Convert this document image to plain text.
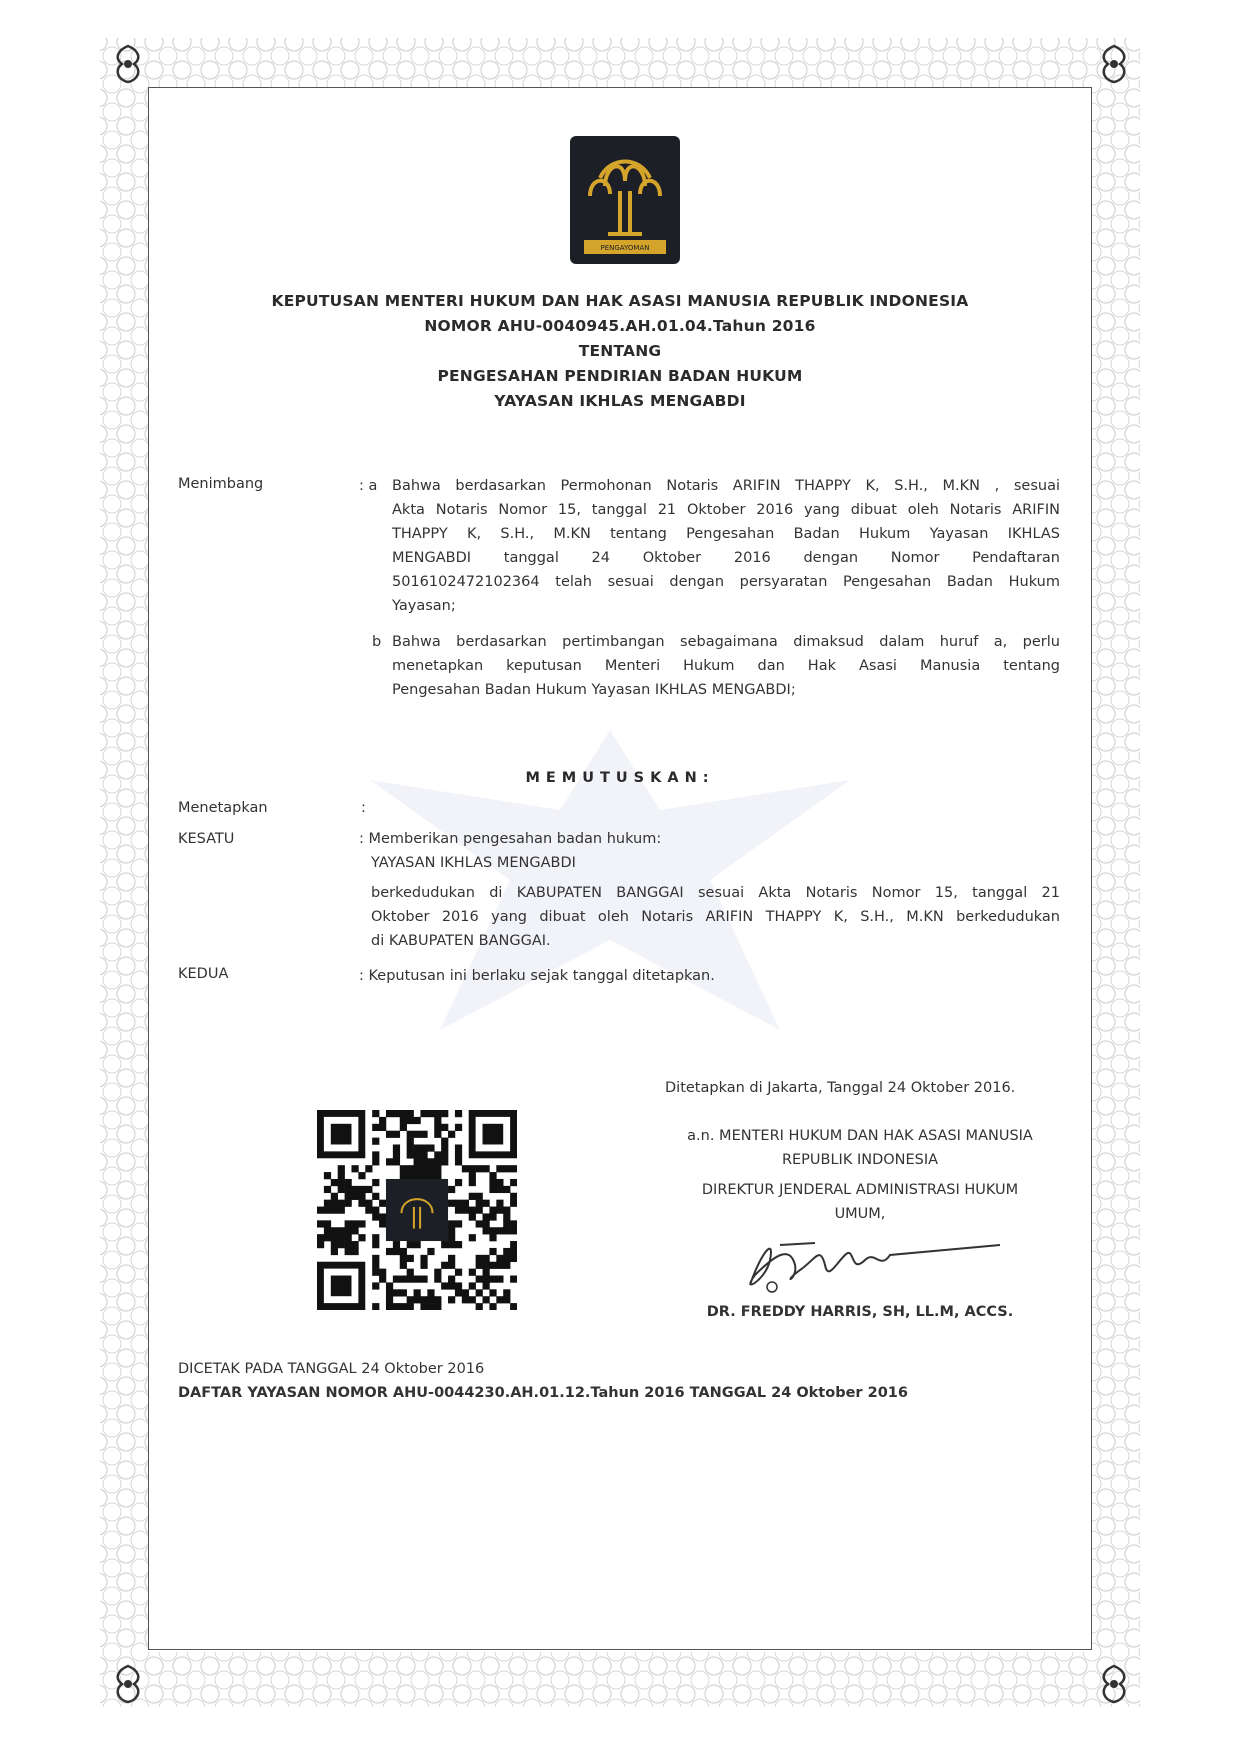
PENGAYOMAN
KEPUTUSAN MENTERI HUKUM DAN HAK ASASI MANUSIA REPUBLIK INDONESIA
NOMOR AHU-0040945.AH.01.04.Tahun 2016
TENTANG
PENGESAHAN PENDIRIAN BADAN HUKUM
YAYASAN IKHLAS MENGABDI
Menimbang	: a Bahwa berdasarkan Permohonan Notaris ARIFIN THAPPY K, S.H., M.KN , sesuai
Akta Notaris Nomor 15, tanggal 21 Oktober 2016 yang dibuat oleh Notaris ARIFIN
THAPPY K, S.H., M.KN tentang Pengesahan Badan Hukum Yayasan IKHLAS
MENGABDI tanggal 24 Oktober 2016 dengan Nomor Pendaftaran
5016102472102364 telah sesuai dengan persyaratan Pengesahan Badan Hukum
Yayasan;
b Bahwa berdasarkan pertimbangan sebagaimana dimaksud dalam huruf a, perlu
menetapkan keputusan Menteri Hukum dan Hak Asasi Manusia tentang
Pengesahan Badan Hukum Yayasan IKHLAS MENGABDI;
MEMUTUSKAN:
Menetapkan	:
KESATU	: Memberikan pengesahan badan hukum:
YAYASAN IKHLAS MENGABDI
berkedudukan di KABUPATEN BANGGAI sesuai Akta Notaris Nomor 15, tanggal 21
Oktober 2016 yang dibuat oleh Notaris ARIFIN THAPPY K, S.H., M.KN berkedudukan
di KABUPATEN BANGGAI.
KEDUA	: Keputusan ini berlaku sejak tanggal ditetapkan.
Ditetapkan di Jakarta, Tanggal 24 Oktober 2016.
a.n. MENTERI HUKUM DAN HAK ASASI MANUSIA
REPUBLIK INDONESIA
DIREKTUR JENDERAL ADMINISTRASI HUKUM
UMUM,
DR. FREDDY HARRIS, SH, LL.M, ACCS.
DICETAK PADA TANGGAL 24 Oktober 2016
DAFTAR YAYASAN NOMOR AHU-0044230.AH.01.12.Tahun 2016 TANGGAL 24 Oktober 2016
